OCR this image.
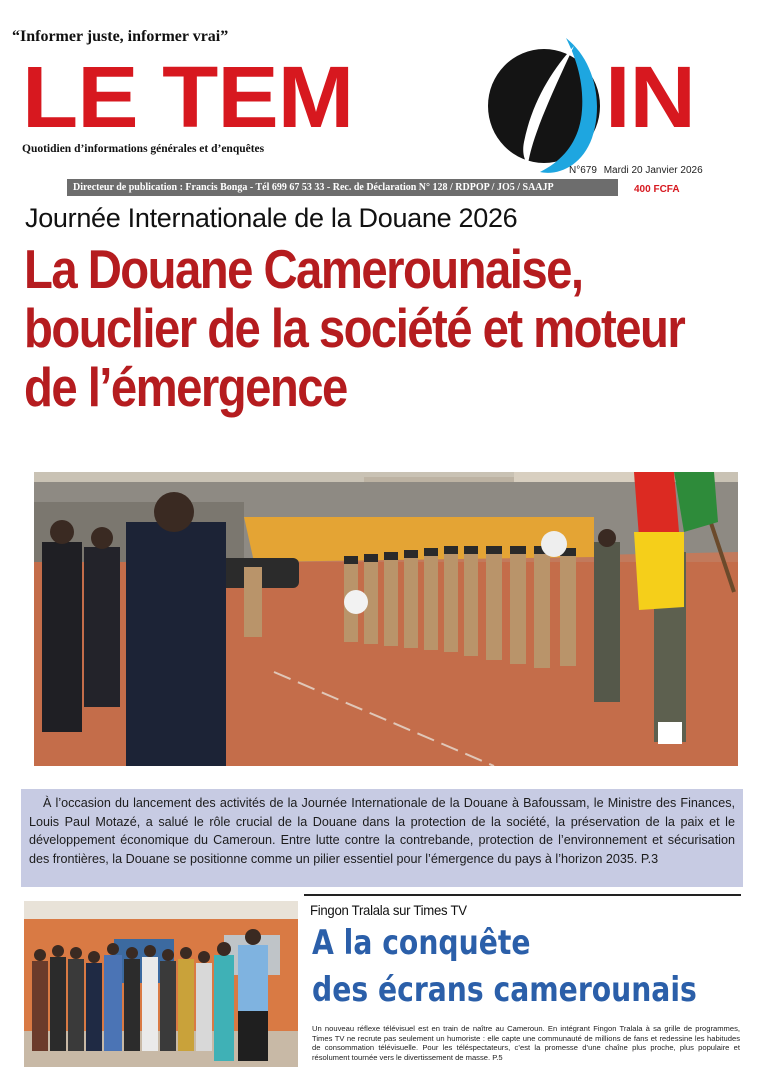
“Informer juste, informer vrai”
LE TEM	IN
Quotidien d’informations générales et d’enquêtes
N°679 Mardi 20 Janvier 2026
Directeur de publication : Francis Bonga - Tél 699 67 53 33 - Rec. de Déclaration N° 128 / RDPOP / JO5 / SAAJP	400 FCFA
Journée Internationale de la Douane 2026
La Douane Camerounaise,
bouclier de la société et moteur
de l’émergence
À l’occasion du lancement des activités de la Journée Internationale de la Douane à Bafoussam, le Ministre des Finances, Louis Paul Motazé, a salué le rôle crucial de la Douane dans la protection de la société, la préservation de la paix et le développement économique du Cameroun. Entre lutte contre la contrebande, protection de l’environnement et sécurisation des frontières, la Douane se positionne comme un pilier essentiel pour l’émergence du pays à l’horizon 2035. P.3
Fingon Tralala sur Times TV
A la conquête
des écrans camerounais
Un nouveau réflexe télévisuel est en train de naître au Cameroun. En intégrant Fingon Tralala à sa grille de programmes, Times TV ne recrute pas seulement un humoriste : elle capte une communauté de millions de fans et redessine les habitudes de consommation télévisuelle. Pour les téléspectateurs, c’est la promesse d’une chaîne plus proche, plus populaire et résolument tournée vers le divertissement de masse. P.5
